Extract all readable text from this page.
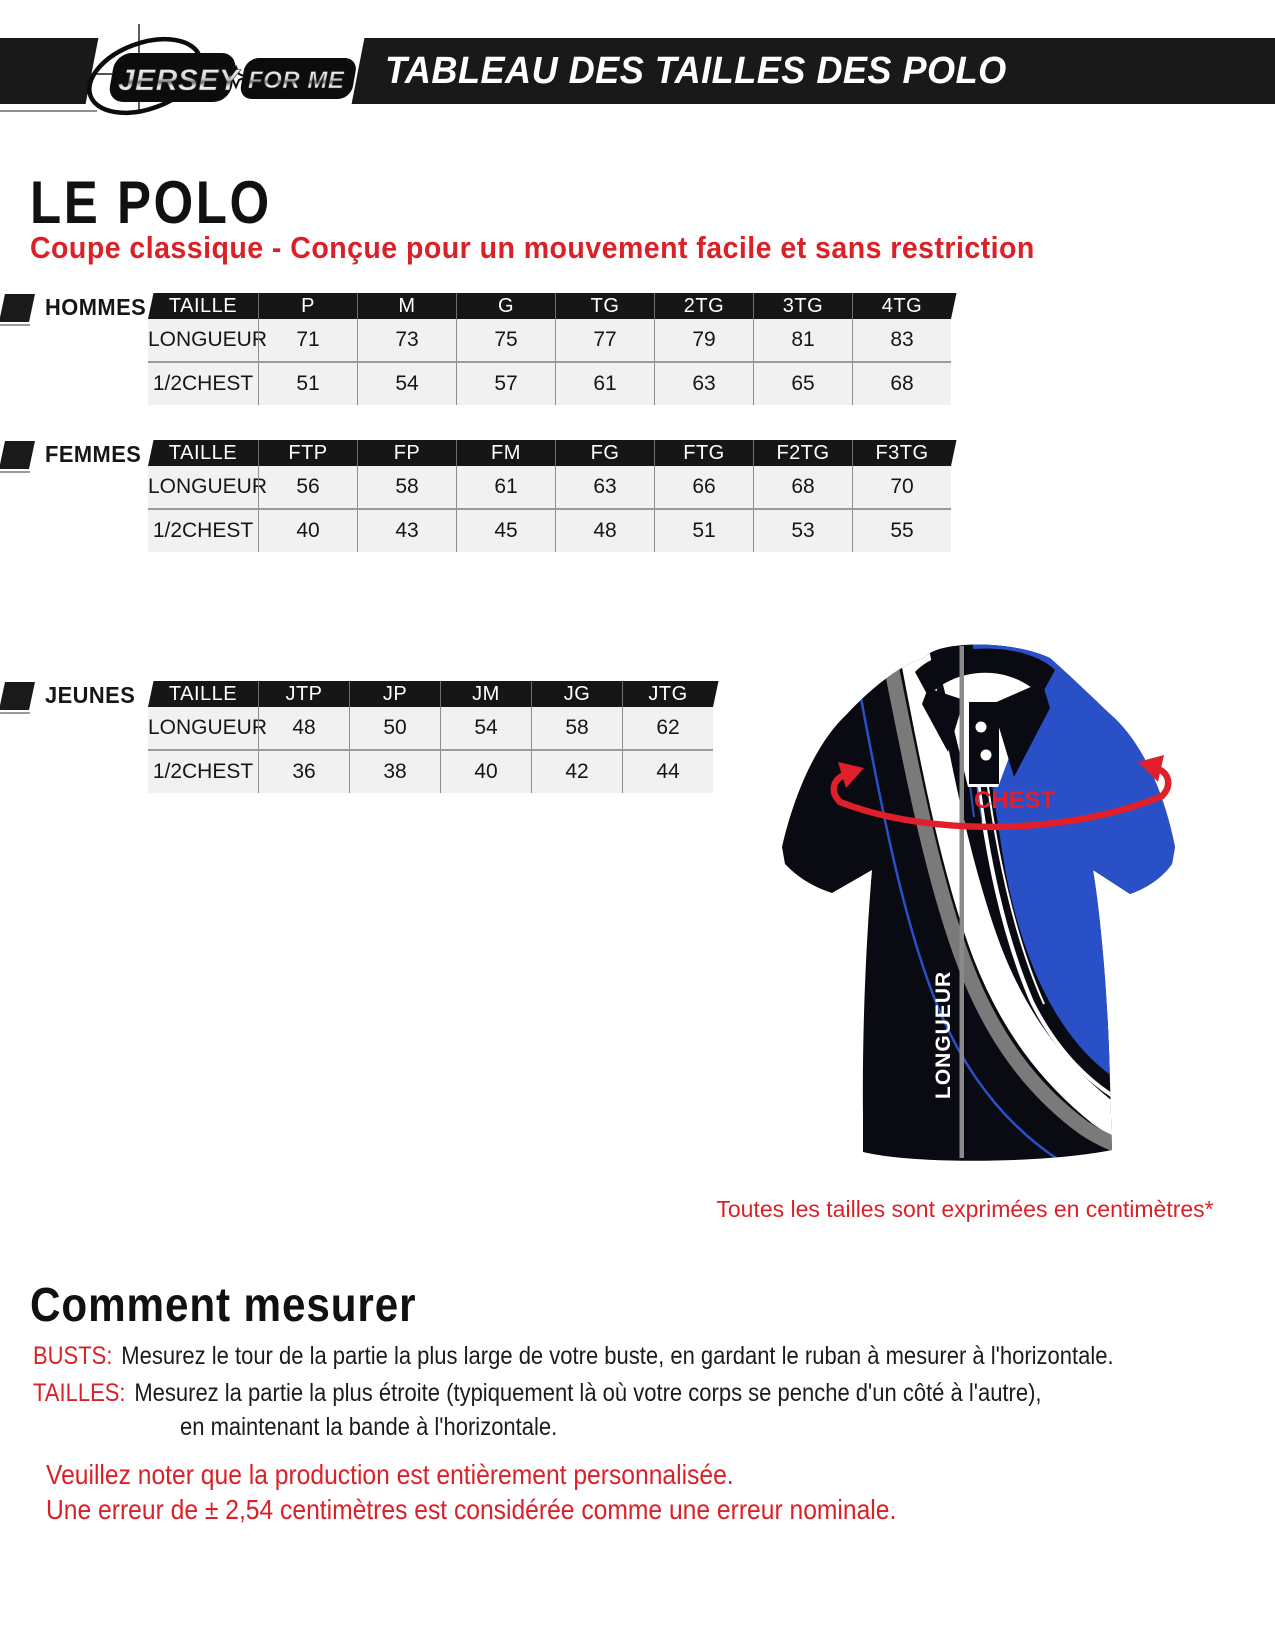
TABLEAU DES TAILLES DES POLO
JERSEY FOR ME
LE POLO
Coupe classique - Conçue pour un mouvement facile et sans restriction
HOMMES	TAILLE	P	M	G	TG	2TG	3TG	4TG
LONGUEUR	71	73	75	77	79	81	83
1/2CHEST	51	54	57	61	63	65	68
FEMMES	TAILLE	FTP	FP	FM	FG	FTG	F2TG	F3TG
LONGUEUR	56	58	61	63	66	68	70
1/2CHEST	40	43	45	48	51	53	55
JEUNES	TAILLE	JTP	JP	JM	JG	JTG
LONGUEUR	48	50	54	58	62
1/2CHEST	36	38	40	42	44
CHEST
LONGUEUR
Toutes les tailles sont exprimées en centimètres*
Comment mesurer
BUSTS: Mesurez le tour de la partie la plus large de votre buste, en gardant le ruban à mesurer à l'horizontale.
TAILLES: Mesurez la partie la plus étroite (typiquement là où votre corps se penche d'un côté à l'autre),
en maintenant la bande à l'horizontale.
Veuillez noter que la production est entièrement personnalisée.
Une erreur de ± 2,54 centimètres est considérée comme une erreur nominale.
